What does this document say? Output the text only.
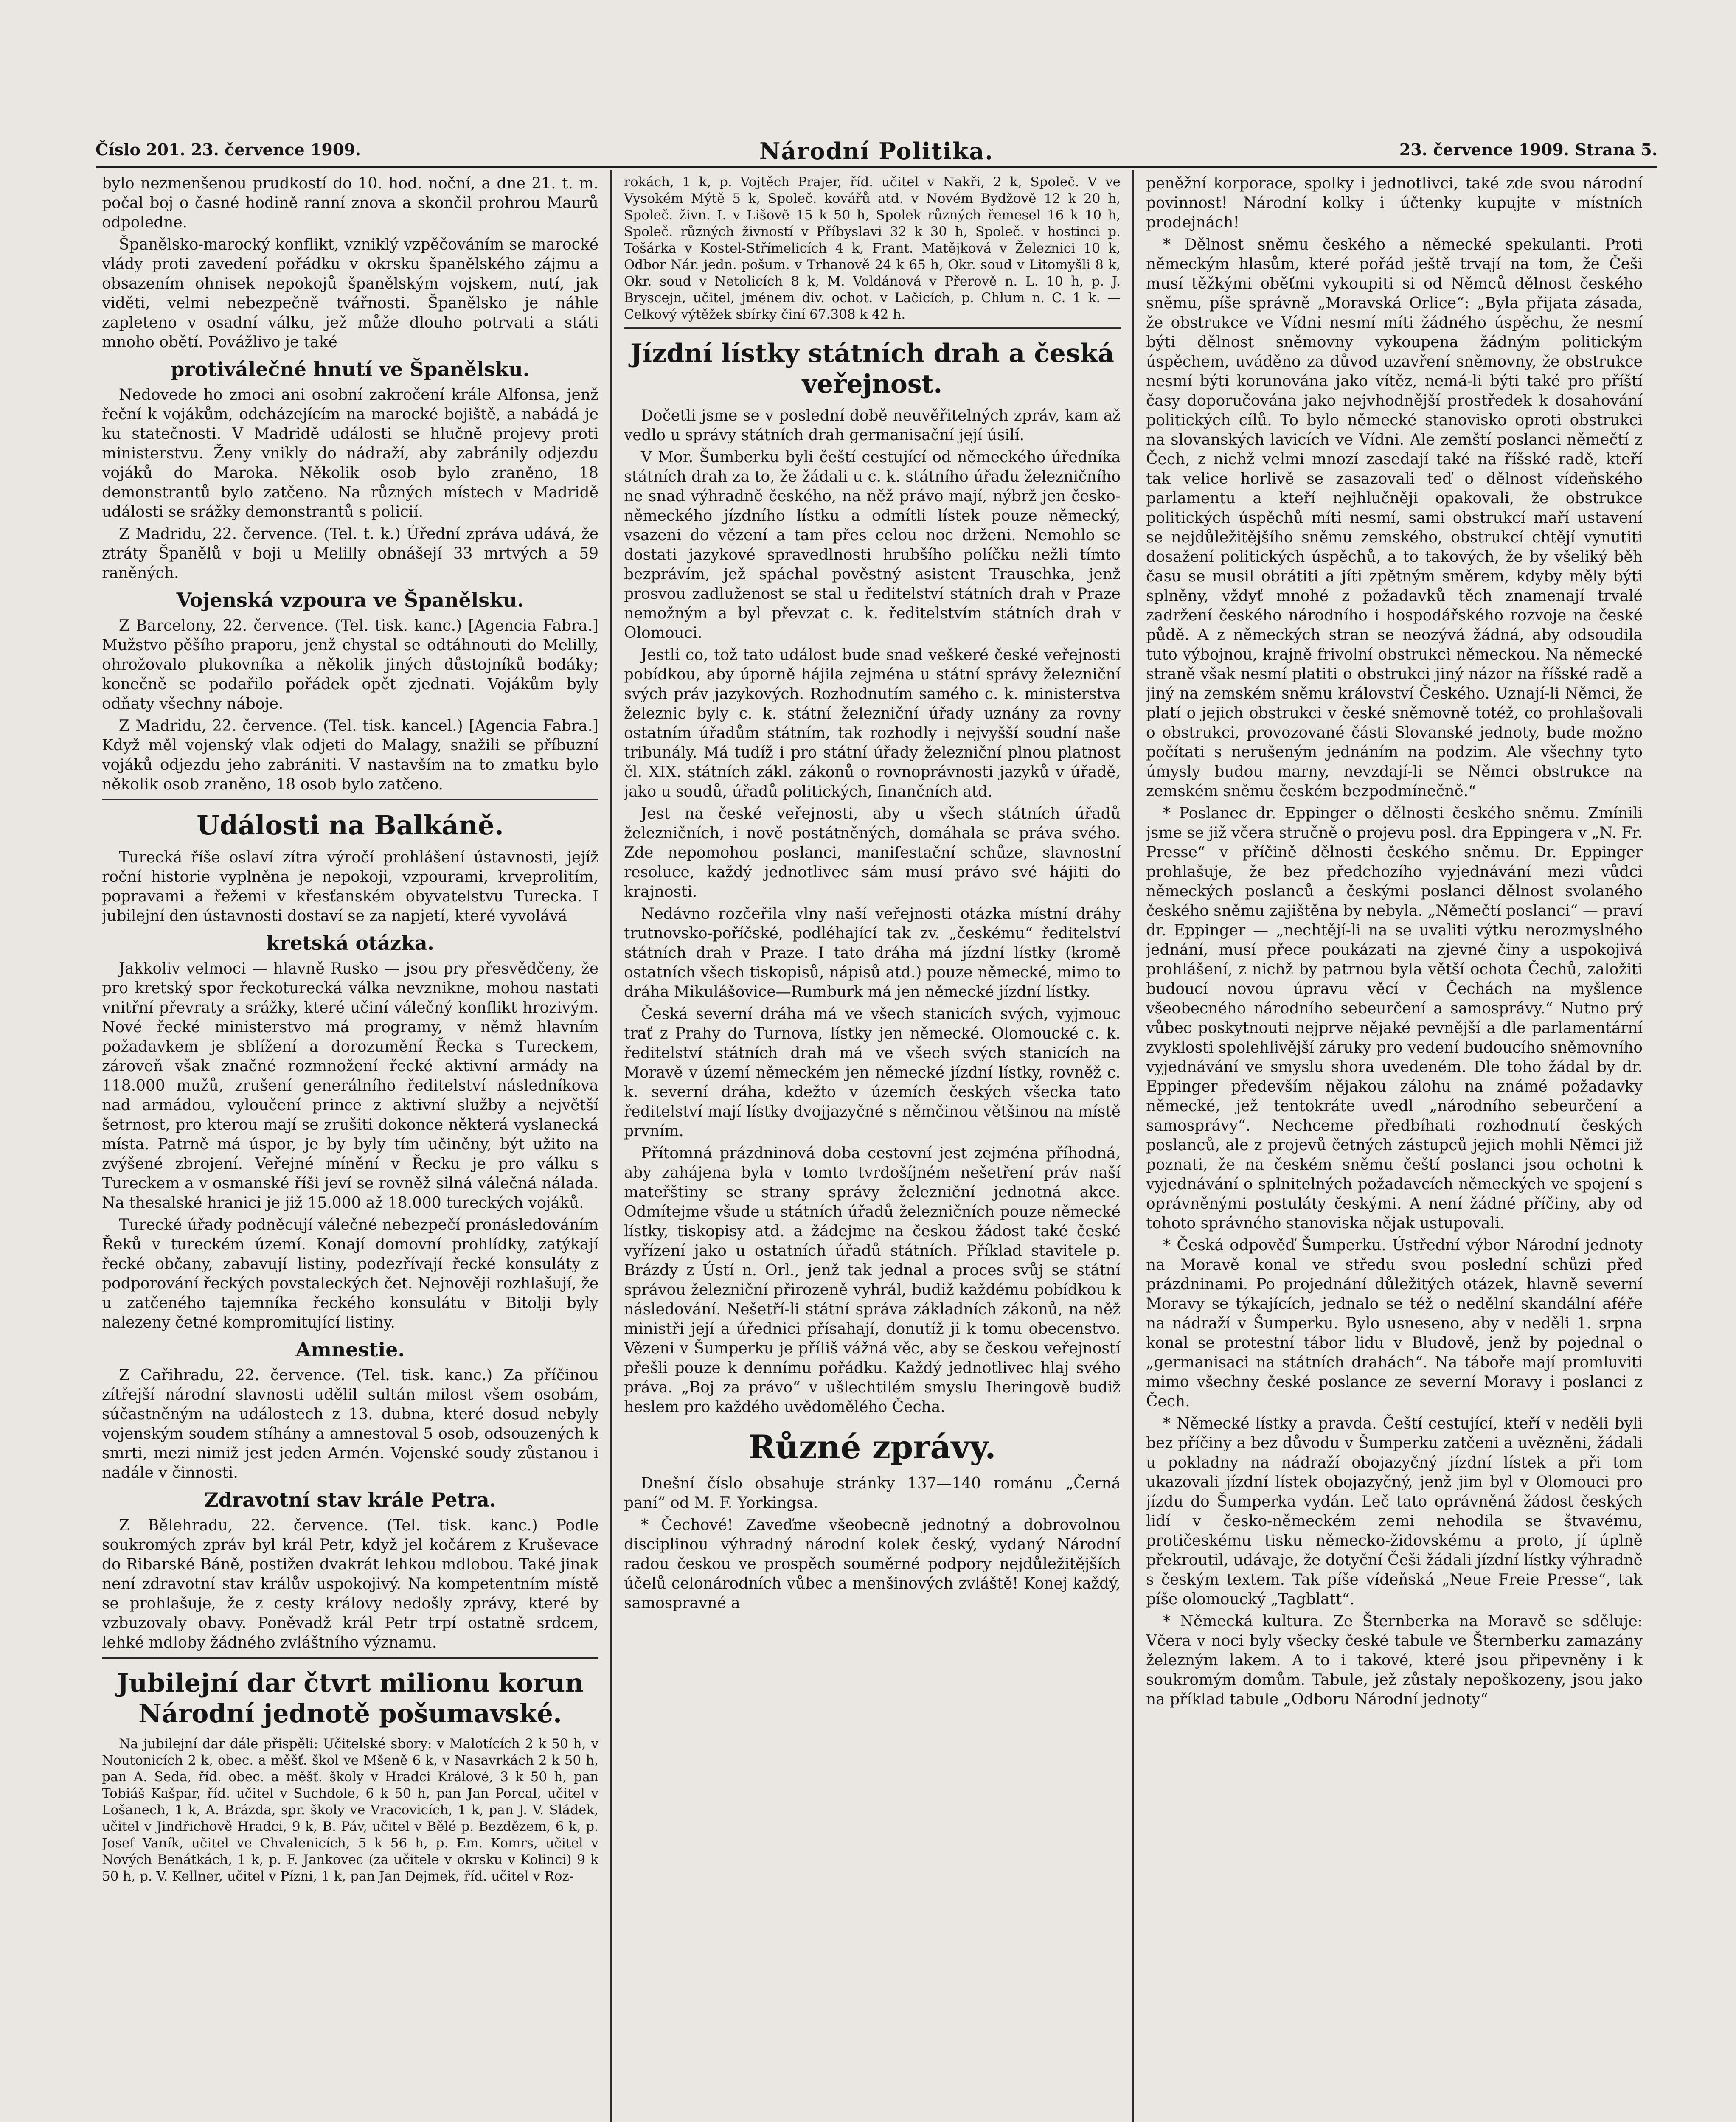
Číslo 201. 23. července 1909.	Národní Politika.	23. července 1909. Strana 5.

bylo nezmenšenou prudkostí do 10. hod. noční, a dne 21. t. m. počal boj o časné hodině ranní znova a skončil prohrou Maurů odpoledne.

Španělsko-marocký konflikt, vzniklý vzpěčováním se marocké vlády proti zavedení pořádku v okrsku španělského zájmu a obsazením ohnisek nepokojů španělským vojskem, nutí, jak viděti, velmi nebezpečně tvářnosti. Španělsko je náhle zapleteno v osadní válku, jež může dlouho potrvati a státi mnoho obětí. Povážlivo je také

protiválečné hnutí ve Španělsku.

Nedovede ho zmoci ani osobní zakročení krále Alfonsa, jenž řeční k vojákům, odcházejícím na marocké bojiště, a nabádá je ku statečnosti. V Madridě události se hlučně projevy proti ministerstvu. Ženy vnikly do nádraží, aby zabránily odjezdu vojáků do Maroka. Několik osob bylo zraněno, 18 demonstrantů bylo zatčeno. Na různých místech v Madridě události se srážky demonstrantů s policií.

Z Madridu, 22. července. (Tel. t. k.) Úřední zpráva udává, že ztráty Španělů v boji u Melilly obnášejí 33 mrtvých a 59 raněných.

Vojenská vzpoura ve Španělsku.

Z Barcelony, 22. července. (Tel. tisk. kanc.) [Agencia Fabra.] Mužstvo pěšího praporu, jenž chystal se odtáhnouti do Melilly, ohrožovalo plukovníka a několik jiných důstojníků bodáky; konečně se podařilo pořádek opět zjednati. Vojákům byly odňaty všechny náboje.

Z Madridu, 22. července. (Tel. tisk. kancel.) [Agencia Fabra.] Když měl vojenský vlak odjeti do Malagy, snažili se příbuzní vojáků odjezdu jeho zabrániti. V nastavším na to zmatku bylo několik osob zraněno, 18 osob bylo zatčeno.

Události na Balkáně.

Turecká říše oslaví zítra výročí prohlášení ústavnosti, jejíž roční historie vyplněna je nepokoji, vzpourami, krveprolitím, popravami a řežemi v křesťanském obyvatelstvu Turecka. I jubilejní den ústavnosti dostaví se za napjetí, které vyvolává

kretská otázka.

Jakkoliv velmoci — hlavně Rusko — jsou pry přesvědčeny, že pro kretský spor řeckoturecká válka nevznikne, mohou nastati vnitřní převraty a srážky, které učiní válečný konflikt hrozivým. Nové řecké ministerstvo má programy, v němž hlavním požadavkem je sblížení a dorozumění Řecka s Tureckem, zároveň však značné rozmnožení řecké aktivní armády na 118.000 mužů, zrušení generálního ředitelství následníkova nad armádou, vyloučení prince z aktivní služby a největší šetrnost, pro kterou mají se zrušiti dokonce některá vyslanecká místa. Patrně má úspor, je by byly tím učiněny, být užito na zvýšené zbrojení. Veřejné mínění v Řecku je pro válku s Tureckem a v osmanské říši jeví se rovněž silná válečná nálada. Na thesalské hranici je již 15.000 až 18.000 tureckých vojáků.

Turecké úřady podněcují válečné nebezpečí pronásledováním Řeků v tureckém území. Konají domovní prohlídky, zatýkají řecké občany, zabavují listiny, podezřívají řecké konsuláty z podporování řeckých povstaleckých čet. Nejnověji rozhlašují, že u zatčeného tajemníka řeckého konsulátu v Bitolji byly nalezeny četné kompromitující listiny.

Amnestie.

Z Cařihradu, 22. července. (Tel. tisk. kanc.) Za příčinou zítřejší národní slavnosti udělil sultán milost všem osobám, súčastněným na událostech z 13. dubna, které dosud nebyly vojenským soudem stíhány a amnestoval 5 osob, odsouzených k smrti, mezi nimiž jest jeden Armén. Vojenské soudy zůstanou i nadále v činnosti.

Zdravotní stav krále Petra.

Z Bělehradu, 22. července. (Tel. tisk. kanc.) Podle soukromých zpráv byl král Petr, když jel kočárem z Kruševace do Ribarské Báně, postižen dvakrát lehkou mdlobou. Také jinak není zdravotní stav králův uspokojivý. Na kompetentním místě se prohlašuje, že z cesty královy nedošly zprávy, které by vzbuzovaly obavy. Poněvadž král Petr trpí ostatně srdcem, lehké mdloby žádného zvláštního významu.

Jubilejní dar čtvrt milionu korun Národní jednotě pošumavské.

Na jubilejní dar dále přispěli: Učitelské sbory: v Malotících 2 k 50 h, v Noutonicích 2 k, obec. a měšť. škol ve Mšeně 6 k, v Nasavrkách 2 k 50 h, pan A. Seda, říd. obec. a měšť. školy v Hradci Králové, 3 k 50 h, pan Tobiáš Kašpar, říd. učitel v Suchdole, 6 k 50 h, pan Jan Porcal, učitel v Lošanech, 1 k, A. Brázda, spr. školy ve Vracovicích, 1 k, pan J. V. Sládek, učitel v Jindřichově Hradci, 9 k, B. Páv, učitel v Bělé p. Bezdězem, 6 k, p. Josef Vaník, učitel ve Chvalenicích, 5 k 56 h, p. Em. Komrs, učitel v Nových Benátkách, 1 k, p. F. Jankovec (za učitele v okrsku v Kolinci) 9 k 50 h, p. V. Kellner, učitel v Pízni, 1 k, pan Jan Dejmek, říd. učitel v Roz-

rokách, 1 k, p. Vojtěch Prajer, říd. učitel v Nakři, 2 k, Společ. V ve Vysokém Mýtě 5 k, Společ. kovářů atd. v Novém Bydžově 12 k 20 h, Společ. živn. I. v Lišově 15 k 50 h, Spolek různých řemesel 16 k 10 h, Společ. různých živností v Příbyslavi 32 k 30 h, Společ. v hostinci p. Tošárka v Kostel-Střímelicích 4 k, Frant. Matějková v Železnici 10 k, Odbor Nár. jedn. pošum. v Trhanově 24 k 65 h, Okr. soud v Litomyšli 8 k, Okr. soud v Netolicích 8 k, M. Voldánová v Přerově n. L. 10 h, p. J. Bryscejn, učitel, jménem div. ochot. v Lačicích, p. Chlum n. C. 1 k. — Celkový výtěžek sbírky činí 67.308 k 42 h.

Jízdní lístky státních drah a česká veřejnost.

Dočetli jsme se v poslední době neuvěřitelných zpráv, kam až vedlo u správy státních drah germanisační její úsilí.

V Mor. Šumberku byli čeští cestující od německého úředníka státních drah za to, že žádali u c. k. státního úřadu železničního ne snad výhradně českého, na něž právo mají, nýbrž jen česko-německého jízdního lístku a odmítli lístek pouze německý, vsazeni do vězení a tam přes celou noc drženi. Nemohlo se dostati jazykové spravedlnosti hrubšího políčku nežli tímto bezprávím, jež spáchal pověstný asistent Trauschka, jenž prosvou zadluženost se stal u ředitelství státních drah v Praze nemožným a byl převzat c. k. ředitelstvím státních drah v Olomouci.

Jestli co, tož tato událost bude snad veškeré české veřejnosti pobídkou, aby úporně hájila zejména u státní správy železniční svých práv jazykových. Rozhodnutím samého c. k. ministerstva železnic byly c. k. státní železniční úřady uznány za rovny ostatním úřadům státním, tak rozhodly i nejvyšší soudní naše tribunály. Má tudíž i pro státní úřady železniční plnou platnost čl. XIX. státních zákl. zákonů o rovnoprávnosti jazyků v úřadě, jako u soudů, úřadů politických, finančních atd.

Jest na české veřejnosti, aby u všech státních úřadů železničních, i nově postátněných, domáhala se práva svého. Zde nepomohou poslanci, manifestační schůze, slavnostní resoluce, každý jednotlivec sám musí právo své hájiti do krajnosti.

Nedávno rozčeřila vlny naší veřejnosti otázka místní dráhy trutnovsko-poříčské, podléhající tak zv. „českému“ ředitelství státních drah v Praze. I tato dráha má jízdní lístky (kromě ostatních všech tiskopisů, nápisů atd.) pouze německé, mimo to dráha Mikulášovice—Rumburk má jen německé jízdní lístky.

Česká severní dráha má ve všech stanicích svých, vyjmouc trať z Prahy do Turnova, lístky jen německé. Olomoucké c. k. ředitelství státních drah má ve všech svých stanicích na Moravě v území německém jen německé jízdní lístky, rovněž c. k. severní dráha, kdežto v územích českých všecka tato ředitelství mají lístky dvojjazyčné s němčinou většinou na místě prvním.

Přítomná prázdninová doba cestovní jest zejména příhodná, aby zahájena byla v tomto tvrdošíjném nešetření práv naší mateřštiny se strany správy železniční jednotná akce. Odmítejme všude u státních úřadů železničních pouze německé lístky, tiskopisy atd. a žádejme na českou žádost také české vyřízení jako u ostatních úřadů státních. Příklad stavitele p. Brázdy z Ústí n. Orl., jenž tak jednal a proces svůj se státní správou železniční přirozeně vyhrál, budiž každému pobídkou k následování. Nešetří-li státní správa základních zákonů, na něž ministři její a úřednici přísahají, donutíž ji k tomu obecenstvo. Vězeni v Šumperku je příliš vážná věc, aby se českou veřejností přešli pouze k dennímu pořádku. Každý jednotlivec hlaj svého práva. „Boj za právo“ v ušlechtilém smyslu Iheringově budiž heslem pro každého uvědomělého Čecha.

Různé zprávy.

Dnešní číslo obsahuje stránky 137—140 románu „Černá paní“ od M. F. Yorkingsa.

* Čechové! Zaveďme všeobecně jednotný a dobrovolnou disciplinou výhradný národní kolek český, vydaný Národní radou českou ve prospěch souměrné podpory nejdůležitějších účelů celonárodních vůbec a menšinových zvláště! Konej každý, samospravné a

peněžní korporace, spolky i jednotlivci, také zde svou národní povinnost! Národní kolky i účtenky kupujte v místních prodejnách!

* Dělnost sněmu českého a německé spekulanti. Proti německým hlasům, které pořád ještě trvají na tom, že Češi musí těžkými oběťmi vykoupiti si od Němců dělnost českého sněmu, píše správně „Moravská Orlice“: „Byla přijata zásada, že obstrukce ve Vídni nesmí míti žádného úspěchu, že nesmí býti dělnost sněmovny vykoupena žádným politickým úspěchem, uváděno za důvod uzavření sněmovny, že obstrukce nesmí býti korunována jako vítěz, nemá-li býti také pro příští časy doporučována jako nejvhodnější prostředek k dosahování politických cílů. To bylo německé stanovisko oproti obstrukci na slovanských lavicích ve Vídni. Ale zemští poslanci němečtí z Čech, z nichž velmi mnozí zasedají také na říšské radě, kteří tak velice horlivě se zasazovali teď o dělnost vídeňského parlamentu a kteří nejhlučněji opakovali, že obstrukce politických úspěchů míti nesmí, sami obstrukcí maří ustavení se nejdůležitějšího sněmu zemského, obstrukcí chtějí vynutiti dosažení politických úspěchů, a to takových, že by všeliký běh času se musil obrátiti a jíti zpětným směrem, kdyby měly býti splněny, vždyť mnohé z požadavků těch znamenají trvalé zadržení českého národního i hospodářského rozvoje na české půdě. A z německých stran se neozývá žádná, aby odsoudila tuto výbojnou, krajně frivolní obstrukci německou. Na německé straně však nesmí platiti o obstrukci jiný názor na říšské radě a jiný na zemském sněmu království Českého. Uznají-li Němci, že platí o jejich obstrukci v české sněmovně totéž, co prohlašovali o obstrukci, provozované části Slovanské jednoty, bude možno počítati s nerušeným jednáním na podzim. Ale všechny tyto úmysly budou marny, nevzdají-li se Němci obstrukce na zemském sněmu českém bezpodmínečně.“

* Poslanec dr. Eppinger o dělnosti českého sněmu. Zmínili jsme se již včera stručně o projevu posl. dra Eppingera v „N. Fr. Presse“ v příčině dělnosti českého sněmu. Dr. Eppinger prohlašuje, že bez předchozího vyjednávání mezi vůdci německých poslanců a českými poslanci dělnost svolaného českého sněmu zajištěna by nebyla. „Němečtí poslanci“ — praví dr. Eppinger — „nechtějí-li na se uvaliti výtku nerozmyslného jednání, musí přece poukázati na zjevné činy a uspokojivá prohlášení, z nichž by patrnou byla větší ochota Čechů, založiti budoucí novou úpravu věcí v Čechách na myšlence všeobecného národního sebeurčení a samosprávy.“ Nutno prý vůbec poskytnouti nejprve nějaké pevnější a dle parlamentární zvyklosti spolehlivější záruky pro vedení budoucího sněmovního vyjednávání ve smyslu shora uvedeném. Dle toho žádal by dr. Eppinger především nějakou zálohu na známé požadavky německé, jež tentokráte uvedl „národního sebeurčení a samosprávy“. Nechceme předbíhati rozhodnutí českých poslanců, ale z projevů četných zástupců jejich mohli Němci již poznati, že na českém sněmu čeští poslanci jsou ochotni k vyjednávání o splnitelných požadavcích německých ve spojení s oprávněnými postuláty českými. A není žádné příčiny, aby od tohoto správného stanoviska nějak ustupovali.

* Česká odpověď Šumperku. Ústřední výbor Národní jednoty na Moravě konal ve středu svou poslední schůzi před prázdninami. Po projednání důležitých otázek, hlavně severní Moravy se týkajících, jednalo se též o nedělní skandální aféře na nádraží v Šumperku. Bylo usneseno, aby v neděli 1. srpna konal se protestní tábor lidu v Bludově, jenž by pojednal o „germanisaci na státních drahách“. Na táboře mají promluviti mimo všechny české poslance ze severní Moravy i poslanci z Čech.

* Německé lístky a pravda. Čeští cestující, kteří v neděli byli bez příčiny a bez důvodu v Šumperku zatčeni a uvězněni, žádali u pokladny na nádraží obojazyčný jízdní lístek a při tom ukazovali jízdní lístek obojazyčný, jenž jim byl v Olomouci pro jízdu do Šumperka vydán. Leč tato oprávněná žádost českých lidí v česko-německém zemi nehodila se štvavému, protičeskému tisku německo-židovskému a proto, jí úplně překroutil, udávaje, že dotyční Češi žádali jízdní lístky výhradně s českým textem. Tak píše vídeňská „Neue Freie Presse“, tak píše olomoucký „Tagblatt“.

* Německá kultura. Ze Šternberka na Moravě se sděluje: Včera v noci byly všecky české tabule ve Šternberku zamazány železným lakem. A to i takové, které jsou připevněny i k soukromým domům. Tabule, jež zůstaly nepoškozeny, jsou jako na příklad tabule „Odboru Národní jednoty“
